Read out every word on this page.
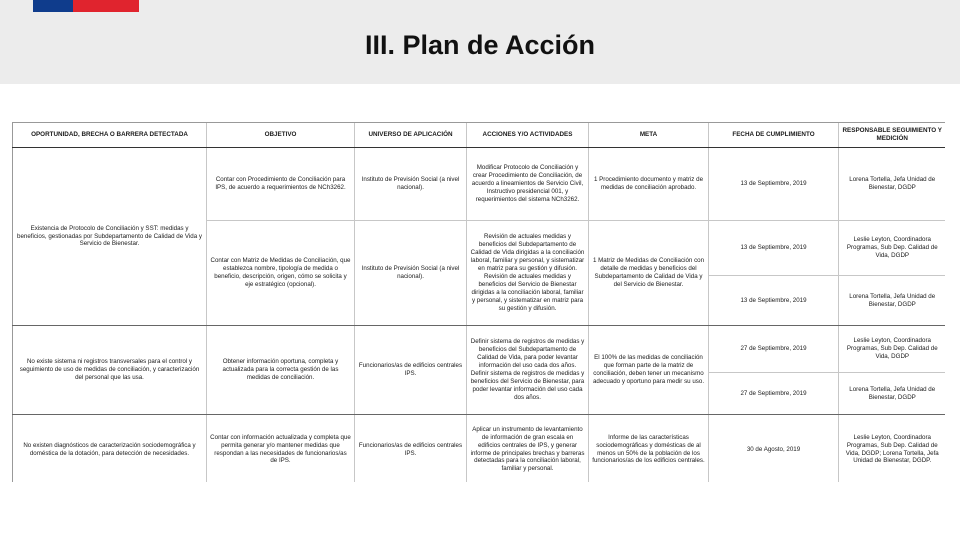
III. Plan de Acción
OPORTUNIDAD, BRECHA O BARRERA DETECTADA	OBJETIVO	UNIVERSO DE APLICACIÓN	ACCIONES Y/O ACTIVIDADES	META	FECHA DE CUMPLIMIENTO	RESPONSABLE SEGUIMIENTO Y MEDICIÓN
Existencia de Protocolo de Conciliación y SST: medidas y beneficios, gestionadas por Subdepartamento de Calidad de Vida y Servicio de Bienestar.	Contar con Procedimiento de Conciliación para IPS, de acuerdo a requerimientos de NCh3262.	Instituto de Previsión Social (a nivel nacional).	Modificar Protocolo de Conciliación y crear Procedimiento de Conciliación, de acuerdo a lineamientos de Servicio Civil, Instructivo presidencial 001, y requerimientos del sistema NCh3262.	1 Procedimiento documento y matriz de medidas de conciliación aprobado.	13 de Septiembre, 2019	Lorena Tortella, Jefa Unidad de Bienestar, DGDP
	Contar con Matriz de Medidas de Conciliación, que establezca nombre, tipología de medida o beneficio, descripción, origen, cómo se solicita y eje estratégico (opcional).	Instituto de Previsión Social (a nivel nacional).	Revisión de actuales medidas y beneficios del Subdepartamento de Calidad de Vida dirigidas a la conciliación laboral, familiar y personal, y sistematizar en matriz para su gestión y difusión. Revisión de actuales medidas y beneficios del Servicio de Bienestar dirigidas a la conciliación laboral, familiar y personal, y sistematizar en matriz para su gestión y difusión.	1 Matriz de Medidas de Conciliación con detalle de medidas y beneficios del Subdepartamento de Calidad de Vida y del Servicio de Bienestar.	13 de Septiembre, 2019	Leslie Leyton, Coordinadora Programas, Sub Dep. Calidad de Vida, DGDP

					13 de Septiembre, 2019	Lorena Tortella, Jefa Unidad de Bienestar, DGDP
No existe sistema ni registros transversales para el control y seguimiento de uso de medidas de conciliación, y caracterización del personal que las usa.	Obtener información oportuna, completa y actualizada para la correcta gestión de las medidas de conciliación.	Funcionarios/as de edificios centrales IPS.	Definir sistema de registros de medidas y beneficios del Subdepartamento de Calidad de Vida, para poder levantar información del uso cada dos años. Definir sistema de registros de medidas y beneficios del Servicio de Bienestar, para poder levantar información del uso cada dos años.	El 100% de las medidas de conciliación que forman parte de la matriz de conciliación, deben tener un mecanismo adecuado y oportuno para medir su uso.	27 de Septiembre, 2019	Leslie Leyton, Coordinadora Programas, Sub Dep. Calidad de Vida, DGDP
					27 de Septiembre, 2019	Lorena Tortella, Jefa Unidad de Bienestar, DGDP
No existen diagnósticos de caracterización sociodemográfica y doméstica de la dotación, para detección de necesidades.	Contar con información actualizada y completa que permita generar y/o mantener medidas que respondan a las necesidades de funcionarios/as de IPS.	Funcionarios/as de edificios centrales IPS.	Aplicar un instrumento de levantamiento de información de gran escala en edificios centrales de IPS, y generar informe de principales brechas y barreras detectadas para la conciliación laboral, familiar y personal.	Informe de las características sociodemográficas y domésticas de al menos un 50% de la población de los funcionarios/as de los edificios centrales.	30 de Agosto, 2019	Leslie Leyton, Coordinadora Programas, Sub Dep. Calidad de Vida, DGDP; Lorena Tortella, Jefa Unidad de Bienestar, DGDP.
